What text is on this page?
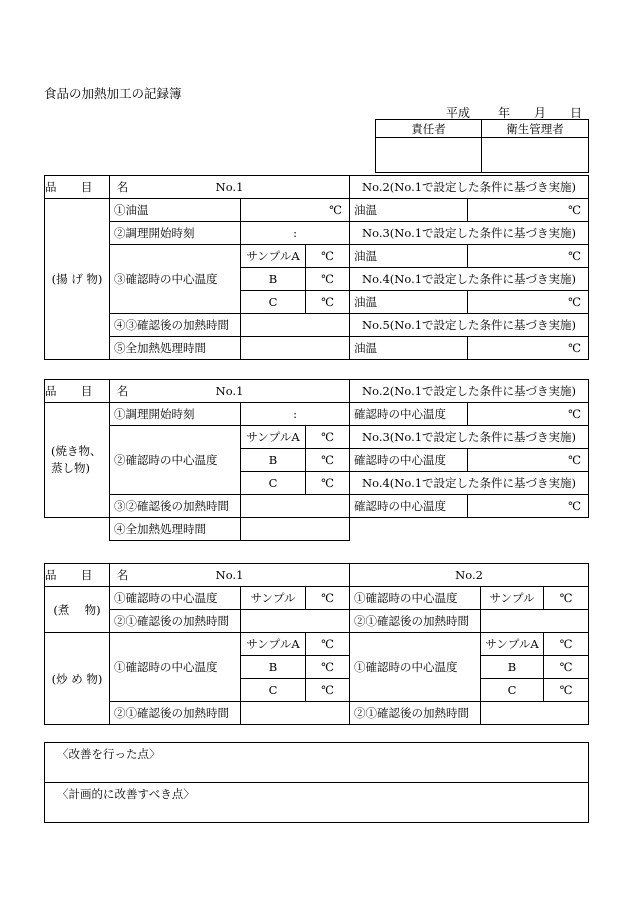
食品の加熱加工の記録簿
平成 年 月 日
責任者	衛生管理者

品 目 名	No.1			No.2(No.1で設定した条件に基づき実施)	
(揚 げ 物)	①油温	℃		油温	℃
	②調理開始時刻	:		No.3(No.1で設定した条件に基づき実施)	
	③確認時の中心温度	サンプルA	℃	油温	℃
		B	℃	No.4(No.1で設定した条件に基づき実施)	
		C	℃	油温	℃
	④③確認後の加熱時間			No.5(No.1で設定した条件に基づき実施)	
	⑤全加熱処理時間			油温	℃
品 目 名	No.1			No.2(No.1で設定した条件に基づき実施)	
(焼き物、
蒸し物)	①調理開始時刻	:		確認時の中心温度	℃
	②確認時の中心温度	サンプルA	℃	No.3(No.1で設定した条件に基づき実施)	
		B	℃	確認時の中心温度	℃
		C	℃	No.4(No.1で設定した条件に基づき実施)	
	③②確認後の加熱時間			確認時の中心温度	℃
	④全加熱処理時間				
品 目 名	No.1			No.2		
(煮　 物)	①確認時の中心温度	サンプル	℃	①確認時の中心温度	サンプル	℃
	②①確認後の加熱時間			②①確認後の加熱時間		
(炒 め 物)	①確認時の中心温度	サンプルA	℃	①確認時の中心温度	サンプルA	℃
		B	℃		B	℃
		C	℃		C	℃
	②①確認後の加熱時間			②①確認後の加熱時間		
〈改善を行った点〉
〈計画的に改善すべき点〉
